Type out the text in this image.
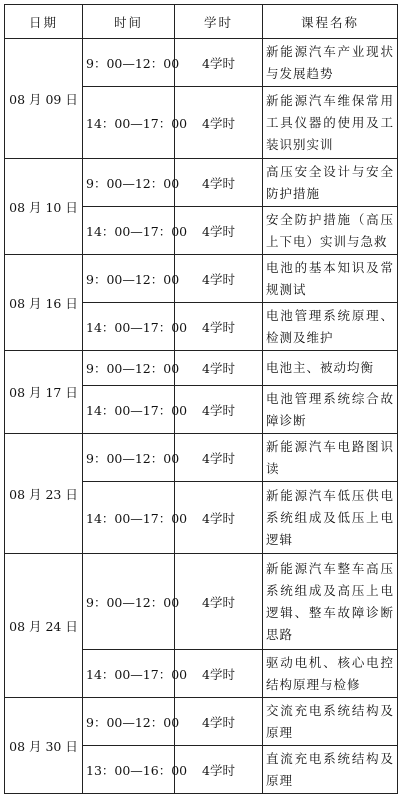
日期	时间	学时	课程名称
08 月 09 日	9：00—12：00	4学时	新能源汽车产业现状与发展趋势
	14：00—17：00	4学时	新能源汽车维保常用工具仪器的使用及工装识别实训
08 月 10 日	9：00—12：00	4学时	高压安全设计与安全防护措施
	14：00—17：00	4学时	安全防护措施（高压上下电）实训与急救
08 月 16 日	9：00—12：00	4学时	电池的基本知识及常规测试
	14：00—17：00	4学时	电池管理系统原理、检测及维护
08 月 17 日	9：00—12：00	4学时	电池主、被动均衡
	14：00—17：00	4学时	电池管理系统综合故障诊断
08 月 23 日	9：00—12：00	4学时	新能源汽车电路图识读
	14：00—17：00	4学时	新能源汽车低压供电系统组成及低压上电逻辑
08 月 24 日	9：00—12：00	4学时	新能源汽车整车高压系统组成及高压上电逻辑、整车故障诊断思路
	14：00—17：00	4学时	驱动电机、核心电控结构原理与检修
08 月 30 日	9：00—12：00	4学时	交流充电系统结构及原理
	13：00—16：00	4学时	直流充电系统结构及原理
